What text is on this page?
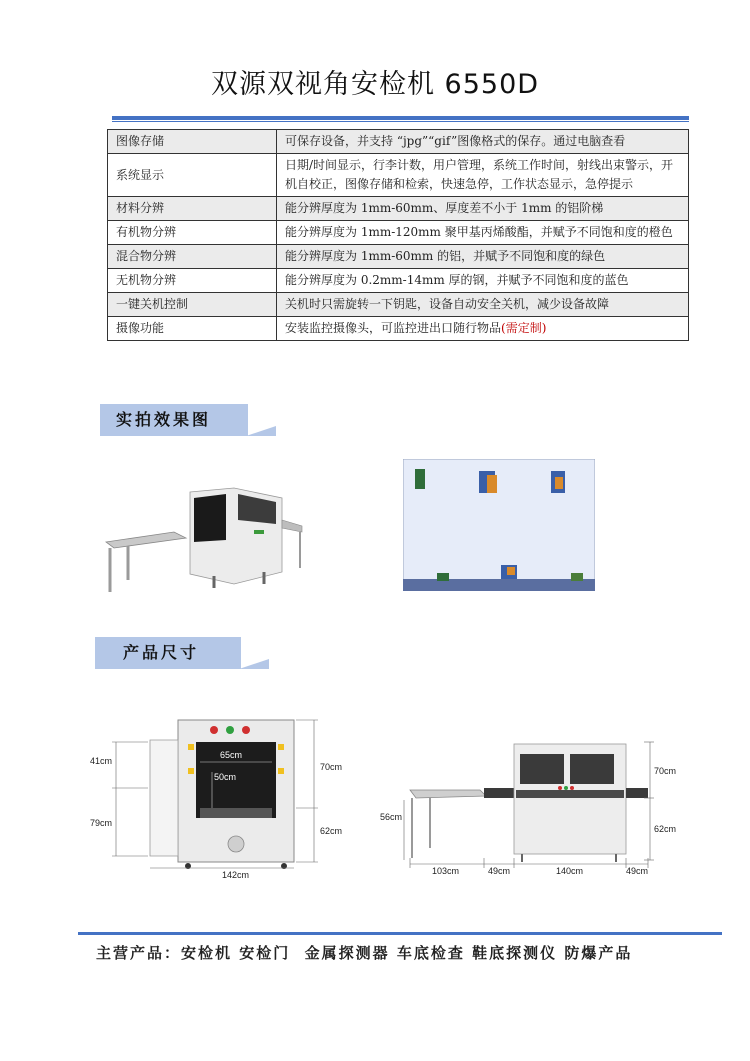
双源双视角安检机 6550D
图像存储	可保存设备，并支持 “jpg”“gif”图像格式的保存。通过电脑查看
系统显示	日期/时间显示，行李计数，用户管理，系统工作时间，射线出束警示，开机自校正，图像存储和检索，快速急停，工作状态显示，急停提示
材料分辨	能分辨厚度为 1mm-60mm、厚度差不小于 1mm 的铝阶梯
有机物分辨	能分辨厚度为 1mm-120mm 聚甲基丙烯酸酯，并赋予不同饱和度的橙色
混合物分辨	能分辨厚度为 1mm-60mm 的铝，并赋予不同饱和度的绿色
无机物分辨	能分辨厚度为 0.2mm-14mm 厚的钢，并赋予不同饱和度的蓝色
一键关机控制	关机时只需旋转一下钥匙，设备自动安全关机，减少设备故障
摄像功能	安装监控摄像头，可监控进出口随行物品(需定制)
实拍效果图
产品尺寸
41cm
79cm
65cm
50cm
70cm
62cm
142cm
56cm
70cm
62cm
103cm	49cm	140cm	49cm
主营产品：安检机 安检门  金属探测器 车底检查 鞋底探测仪 防爆产品
